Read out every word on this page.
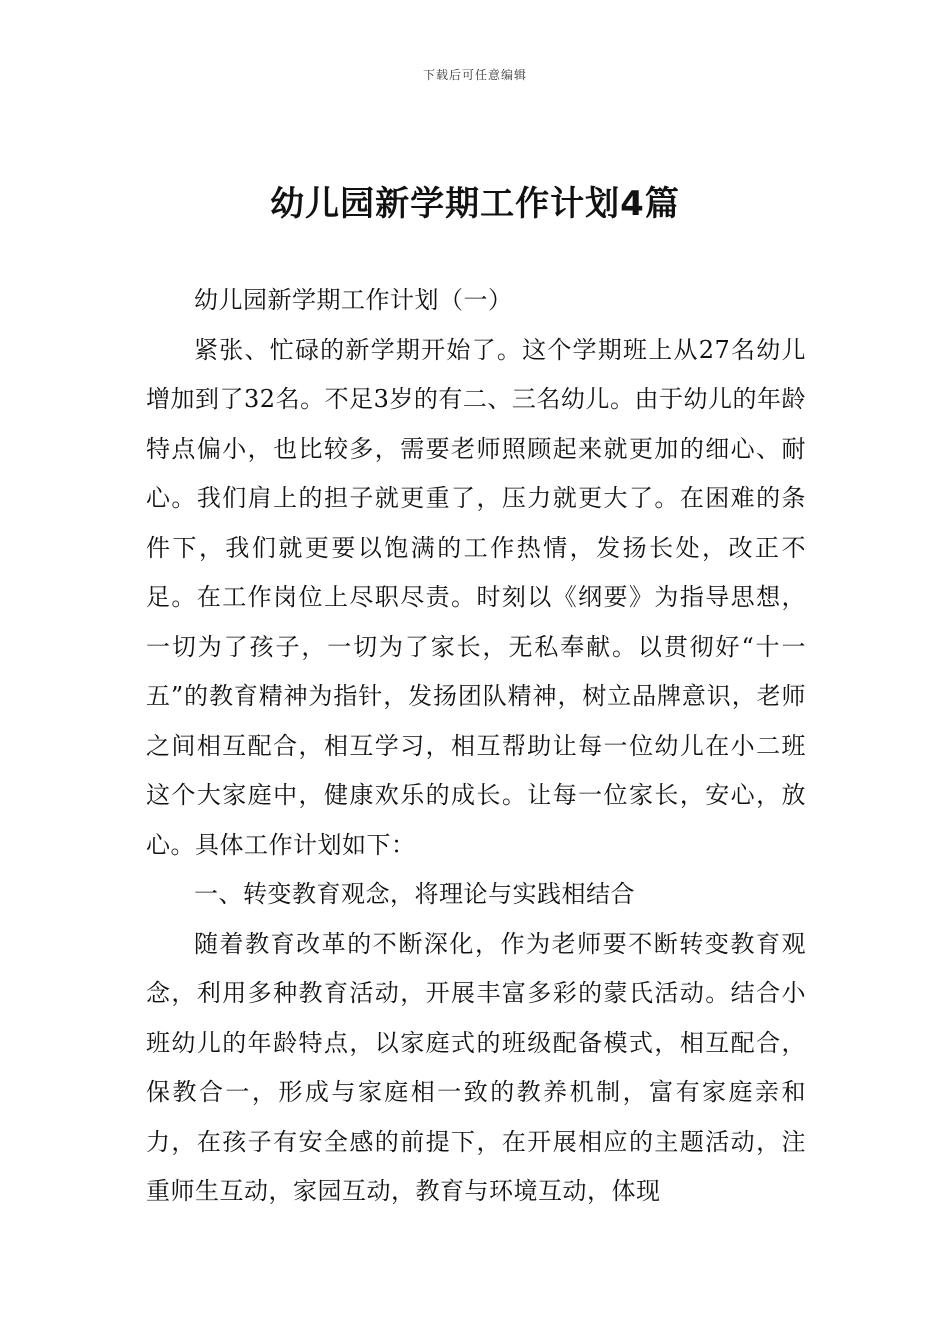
下载后可任意编辑
幼儿园新学期工作计划4篇

幼儿园新学期工作计划（一）

紧张、忙碌的新学期开始了。这个学期班上从27名幼儿增加到了32名。不足3岁的有二、三名幼儿。由于幼儿的年龄特点偏小，也比较多，需要老师照顾起来就更加的细心、耐心。我们肩上的担子就更重了，压力就更大了。在困难的条件下，我们就更要以饱满的工作热情，发扬长处，改正不足。在工作岗位上尽职尽责。时刻以《纲要》为指导思想，一切为了孩子，一切为了家长，无私奉献。以贯彻好“十一五”的教育精神为指针，发扬团队精神，树立品牌意识，老师之间相互配合，相互学习，相互帮助让每一位幼儿在小二班这个大家庭中，健康欢乐的成长。让每一位家长，安心，放心。具体工作计划如下：

一、转变教育观念，将理论与实践相结合

随着教育改革的不断深化，作为老师要不断转变教育观念，利用多种教育活动，开展丰富多彩的蒙氏活动。结合小班幼儿的年龄特点，以家庭式的班级配备模式，相互配合，保教合一，形成与家庭相一致的教养机制，富有家庭亲和力，在孩子有安全感的前提下，在开展相应的主题活动，注重师生互动，家园互动，教育与环境互动，体现
